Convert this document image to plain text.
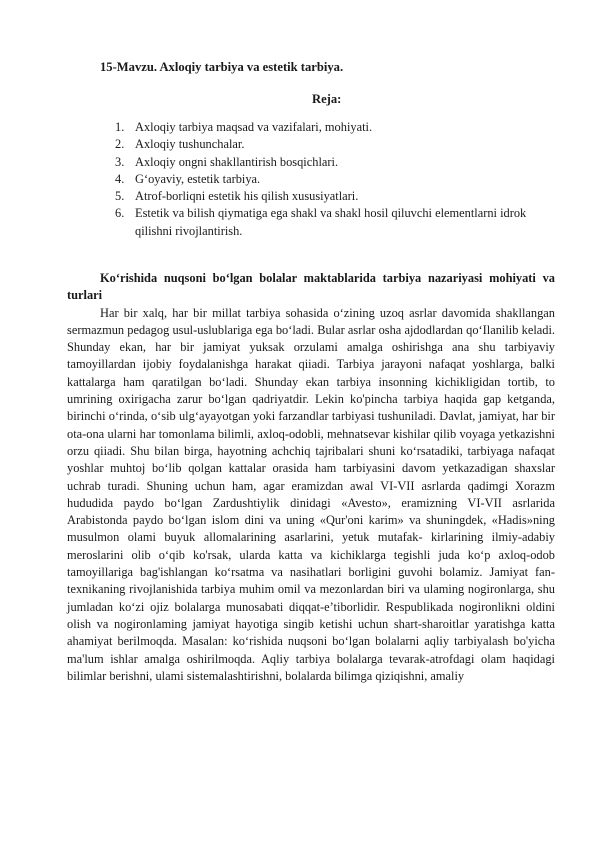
15-Mavzu. Axloqiy tarbiya va estetik tarbiya.
Reja:
1. Axloqiy tarbiya maqsad va vazifalari, mohiyati.
2. Axloqiy tushunchalar.
3. Axloqiy ongni shakllantirish bosqichlari.
4. G‘oyaviy, estetik tarbiya.
5. Atrof-borliqni estetik his qilish xususiyatlari.
6. Estetik va bilish qiymatiga ega shakl va shakl hosil qiluvchi elementlarni idrok qilishni rivojlantirish.
Ko‘rishida nuqsoni bo‘lgan bolalar maktablarida tarbiya nazariyasi mohiyati va turlari

Har bir xalq, har bir millat tarbiya sohasida o‘zining uzoq asrlar davomida shakllangan sermazmun pedagog usul-uslublariga ega bo‘ladi. Bular asrlar osha ajdodlardan qo‘Ilanilib keladi. Shunday ekan, har bir jamiyat yuksak orzulami amalga oshirishga ana shu tarbiyaviy tamoyillardan ijobiy foydalanishga harakat qiiadi. Tarbiya jarayoni nafaqat yoshlarga, balki kattalarga ham qaratilgan bo‘ladi. Shunday ekan tarbiya insonning kichikligidan tortib, to umrining oxirigacha zarur bo‘lgan qadriyatdir. Lekin ko'pincha tarbiya haqida gap ketganda, birinchi o‘rinda, o‘sib ulg‘ayayotgan yoki farzandlar tarbiyasi tushuniladi. Davlat, jamiyat, har bir ota-ona ularni har tomonlama bilimli, axloq-odobli, mehnatsevar kishilar qilib voyaga yetkazishni orzu qiiadi. Shu bilan birga, hayotning achchiq tajribalari shuni ko‘rsatadiki, tarbiyaga nafaqat yoshlar muhtoj bo‘lib qolgan kattalar orasida ham tarbiyasini davom yetkazadigan shaxslar uchrab turadi. Shuning uchun ham, agar eramizdan awal VI-VII asrlarda qadimgi Xorazm hududida paydo bo‘lgan Zardushtiylik dinidagi «Avesto», eramizning VI-VII asrlarida Arabistonda paydo bo‘lgan islom dini va uning «Qur'oni karim» va shuningdek, «Hadis»ning musulmon olami buyuk allomalarining asarlarini, yetuk mutafak- kirlarining ilmiy-adabiy meroslarini olib o‘qib ko'rsak, ularda katta va kichiklarga tegishli juda ko‘p axloq-odob tamoyillariga bag'ishlangan ko‘rsatma va nasihatlari borligini guvohi bolamiz. Jamiyat fan- texnikaning rivojlanishida tarbiya muhim omil va mezonlardan biri va ulaming nogironlarga, shu jumladan ko‘zi ojiz bolalarga munosabati diqqat-e’tiborlidir. Respublikada nogironlikni oldini olish va nogironlaming jamiyat hayotiga singib ketishi uchun shart-sharoitlar yaratishga katta ahamiyat berilmoqda. Masalan: ko‘rishida nuqsoni bo‘lgan bolalarni aqliy tarbiyalash bo'yicha ma'lum ishlar amalga oshirilmoqda. Aqliy tarbiya bolalarga tevarak-atrofdagi olam haqidagi bilimlar berishni, ulami sistemalashtirishni, bolalarda bilimga qiziqishni, amaliy
